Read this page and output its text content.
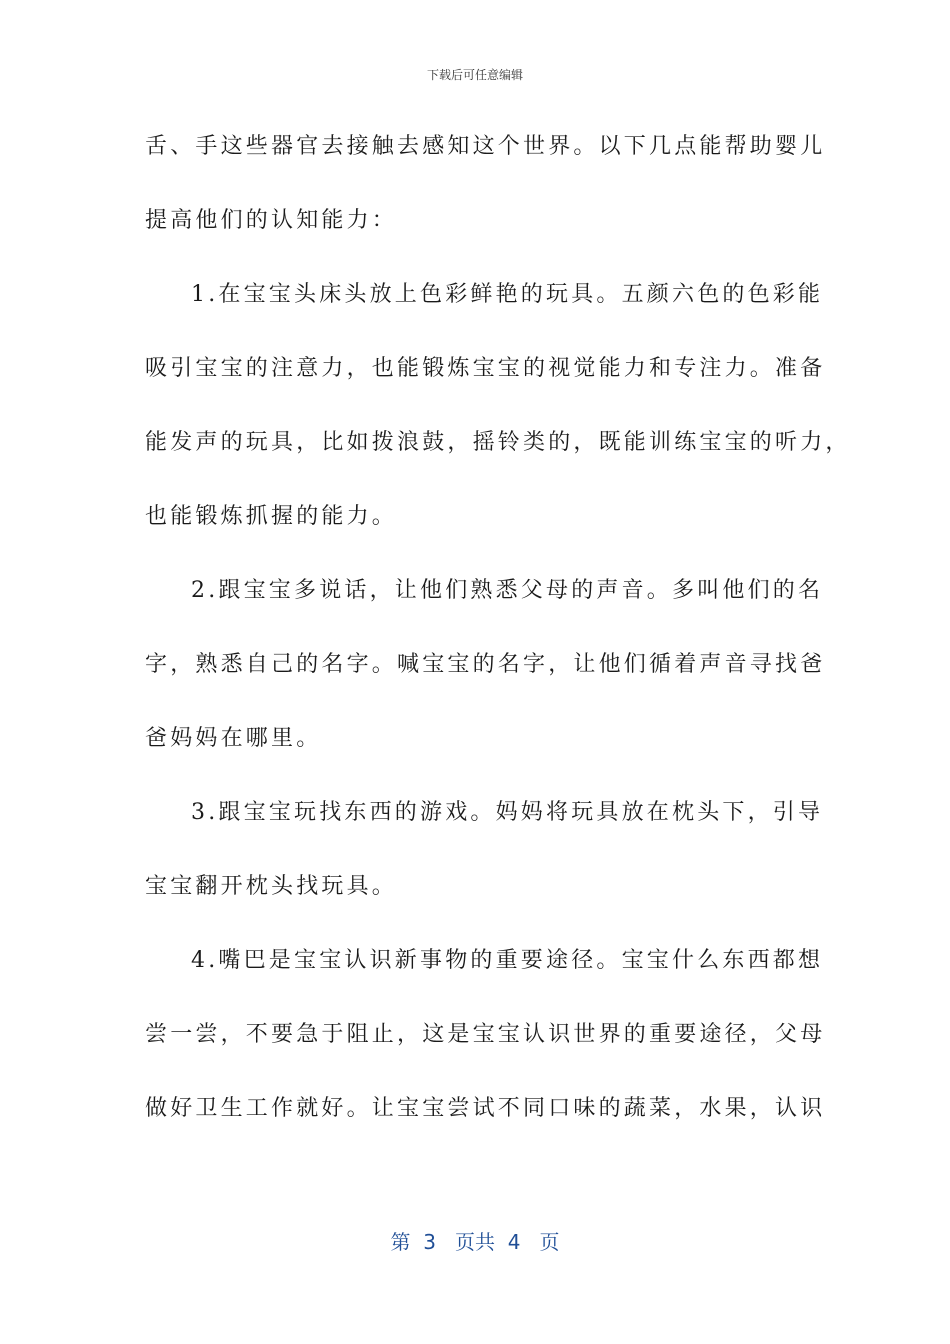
下载后可任意编辑
舌、手这些器官去接触去感知这个世界。以下几点能帮助婴儿
提高他们的认知能力：
1.在宝宝头床头放上色彩鲜艳的玩具。五颜六色的色彩能
吸引宝宝的注意力，也能锻炼宝宝的视觉能力和专注力。准备
能发声的玩具，比如拨浪鼓，摇铃类的，既能训练宝宝的听力，
也能锻炼抓握的能力。
2.跟宝宝多说话，让他们熟悉父母的声音。多叫他们的名
字，熟悉自己的名字。喊宝宝的名字，让他们循着声音寻找爸
爸妈妈在哪里。
3.跟宝宝玩找东西的游戏。妈妈将玩具放在枕头下，引导
宝宝翻开枕头找玩具。
4.嘴巴是宝宝认识新事物的重要途径。宝宝什么东西都想
尝一尝，不要急于阻止，这是宝宝认识世界的重要途径，父母
做好卫生工作就好。让宝宝尝试不同口味的蔬菜，水果，认识
第 3 页共 4 页
